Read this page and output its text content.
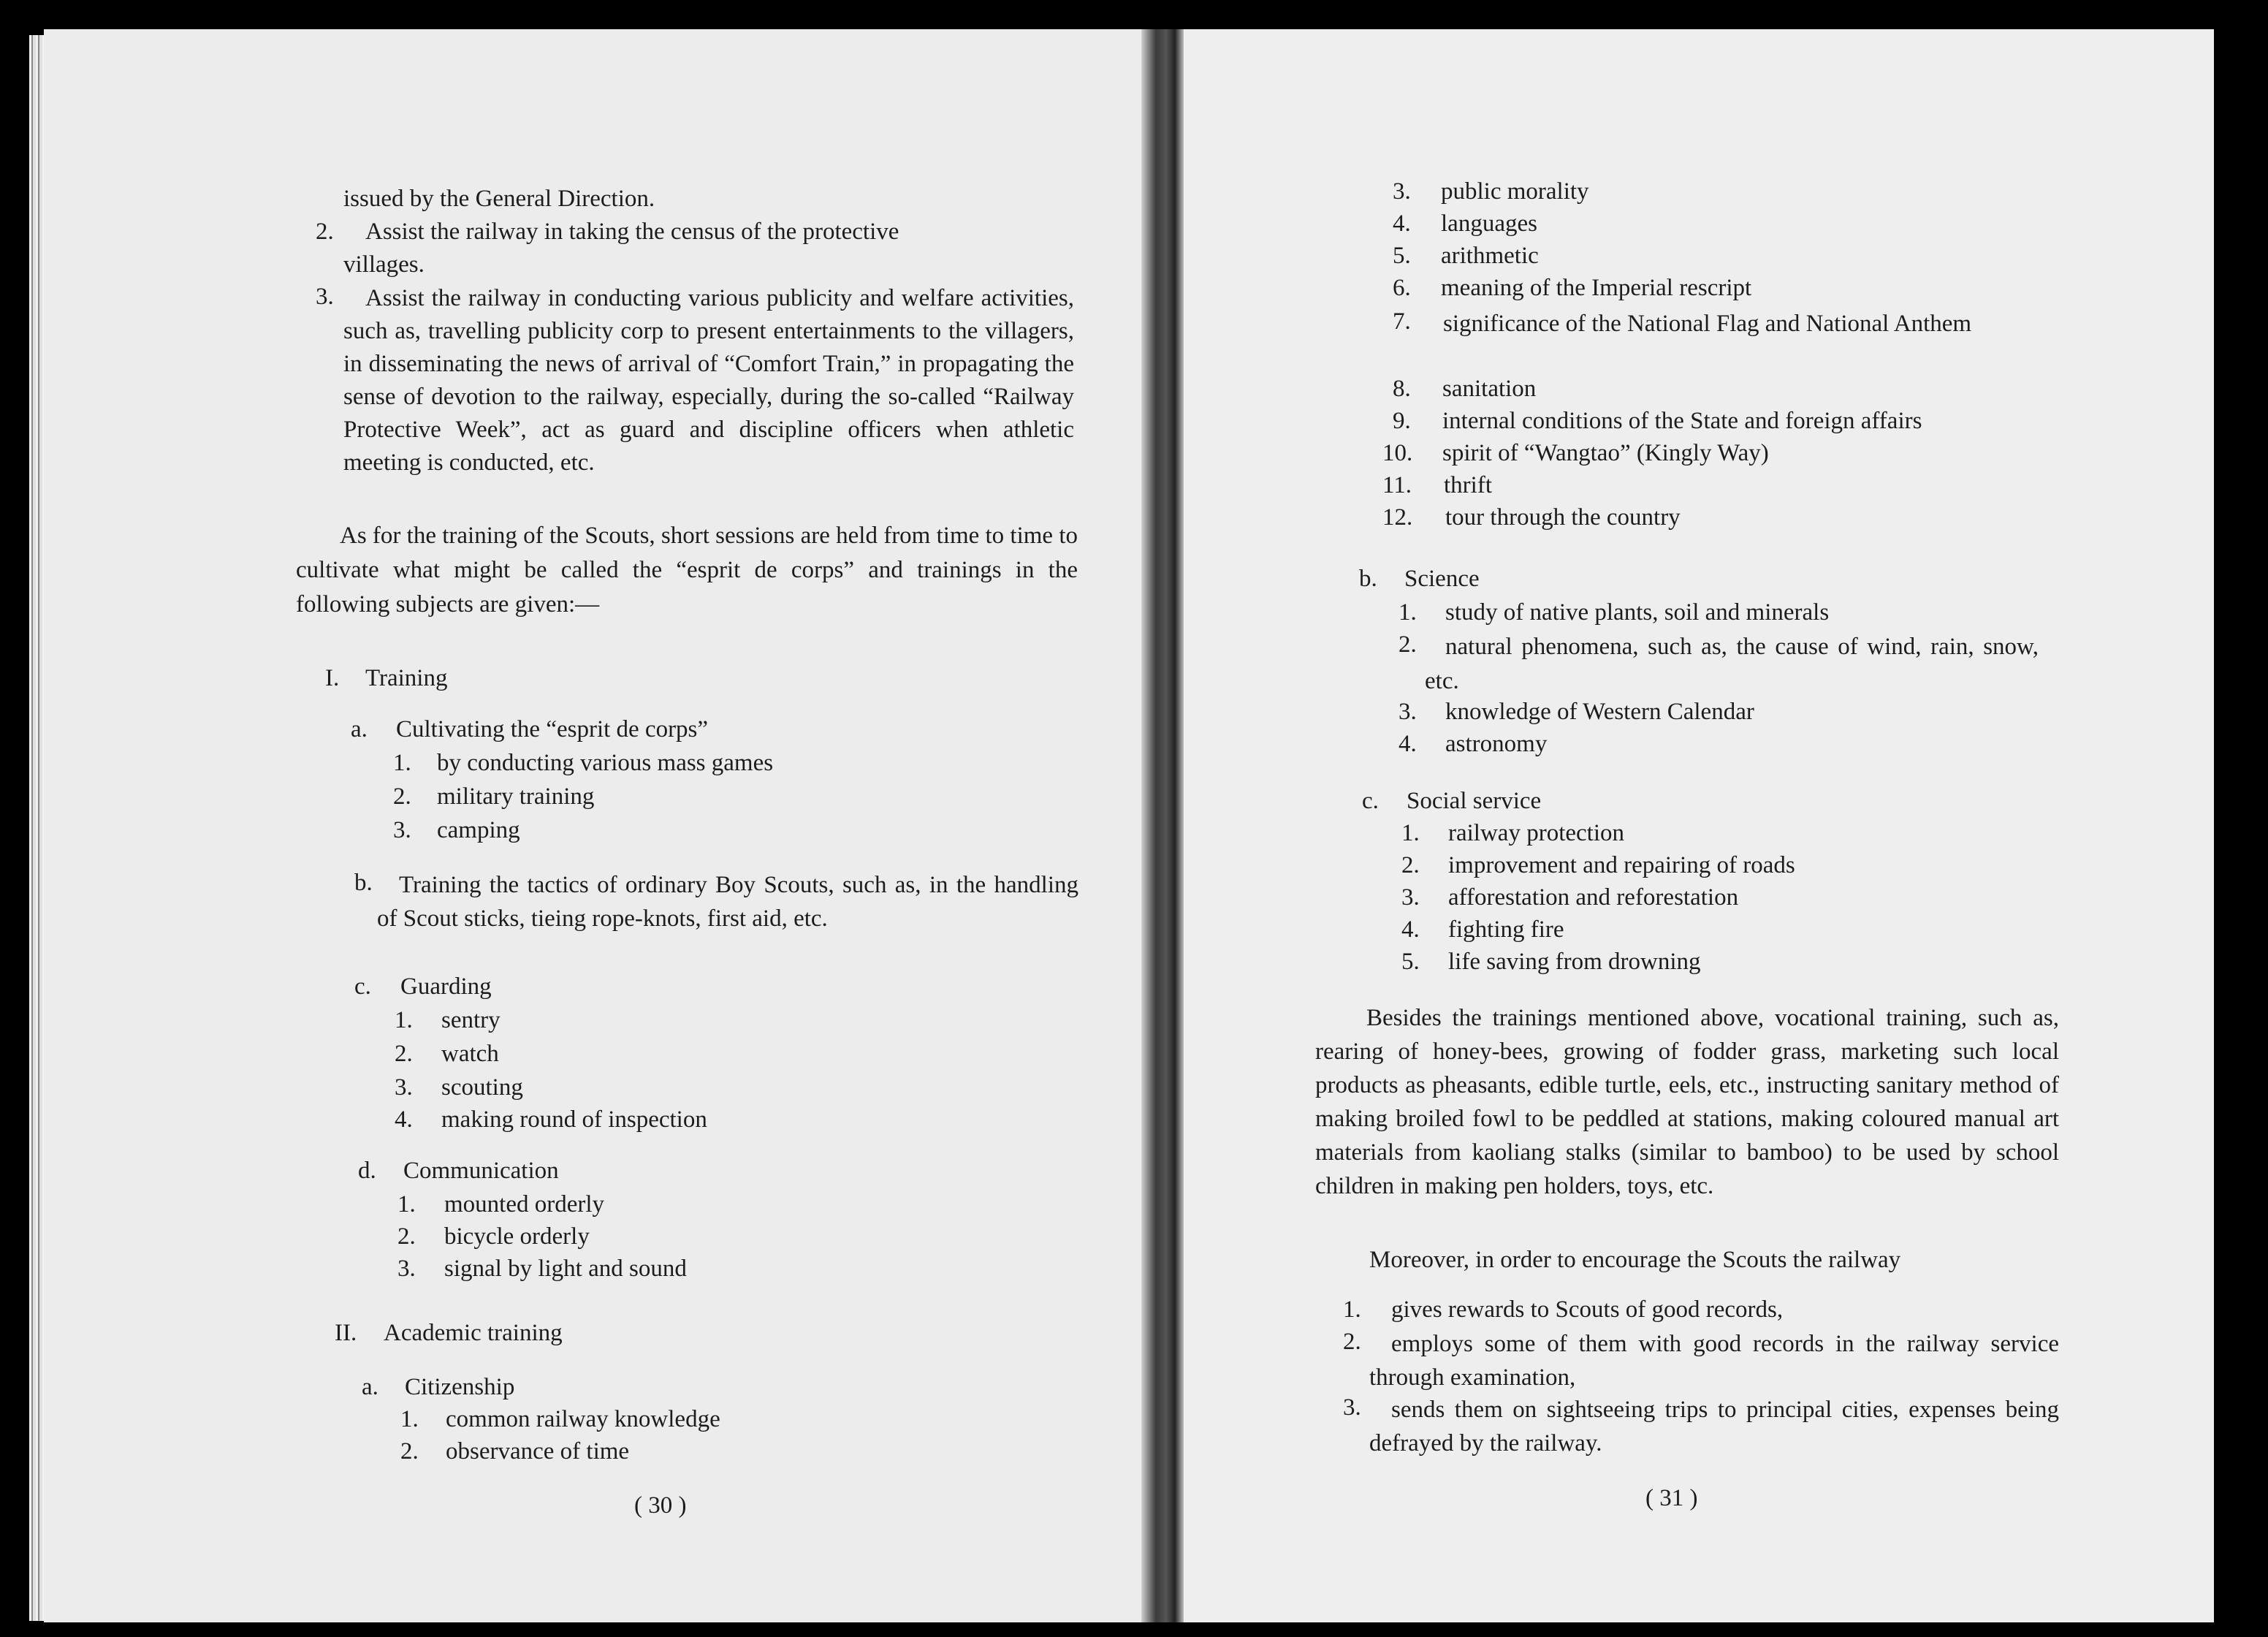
issued by the General Direction.

2. Assist the railway in taking the census of the protective

villages.

3.	Assist the railway in conducting various publicity and welfare activities, such as, travelling publicity corp to present entertainments to the villagers, in disseminating the news of arrival of “Comfort Train,” in propagating the sense of devotion to the railway, especially, during the so-called “Railway Protective Week”, act as guard and discipline officers when athletic meeting is conducted, etc.

As for the training of the Scouts, short sessions are held from time to time to cultivate what might be called the “esprit de corps” and trainings in the following subjects are given:—

I. Training

a. Cultivating the “esprit de corps”

1. by conducting various mass games

2. military training

3. camping

b.	Training the tactics of ordinary Boy Scouts, such as, in the handling of Scout sticks, tieing rope-knots, first aid, etc.

c. Guarding

1. sentry

2. watch

3. scouting

4. making round of inspection

d. Communication

1. mounted orderly

2. bicycle orderly

3. signal by light and sound

II. Academic training

a. Citizenship

1. common railway knowledge

2. observance of time

( 30 )

3. public morality

4. languages

5. arithmetic

6. meaning of the Imperial rescript

7.	significance of the National Flag and National Anthem

8. sanitation

9. internal conditions of the State and foreign affairs

10. spirit of “Wangtao” (Kingly Way)

11. thrift

12. tour through the country

b. Science

1. study of native plants, soil and minerals

2.	natural phenomena, such as, the cause of wind, rain, snow, etc.

3. knowledge of Western Calendar

4. astronomy

c. Social service

1. railway protection

2. improvement and repairing of roads

3. afforestation and reforestation

4. fighting fire

5. life saving from drowning

Besides the trainings mentioned above, vocational training, such as, rearing of honey-bees, growing of fodder grass, marketing such local products as pheasants, edible turtle, eels, etc., instructing sanitary method of making broiled fowl to be peddled at stations, making coloured manual art materials from kaoliang stalks (similar to bamboo) to be used by school children in making pen holders, toys, etc.

Moreover, in order to encourage the Scouts the railway

1. gives rewards to Scouts of good records,

2.	employs some of them with good records in the railway service through examination,

3.	sends them on sightseeing trips to principal cities, expenses being defrayed by the railway.

( 31 )
